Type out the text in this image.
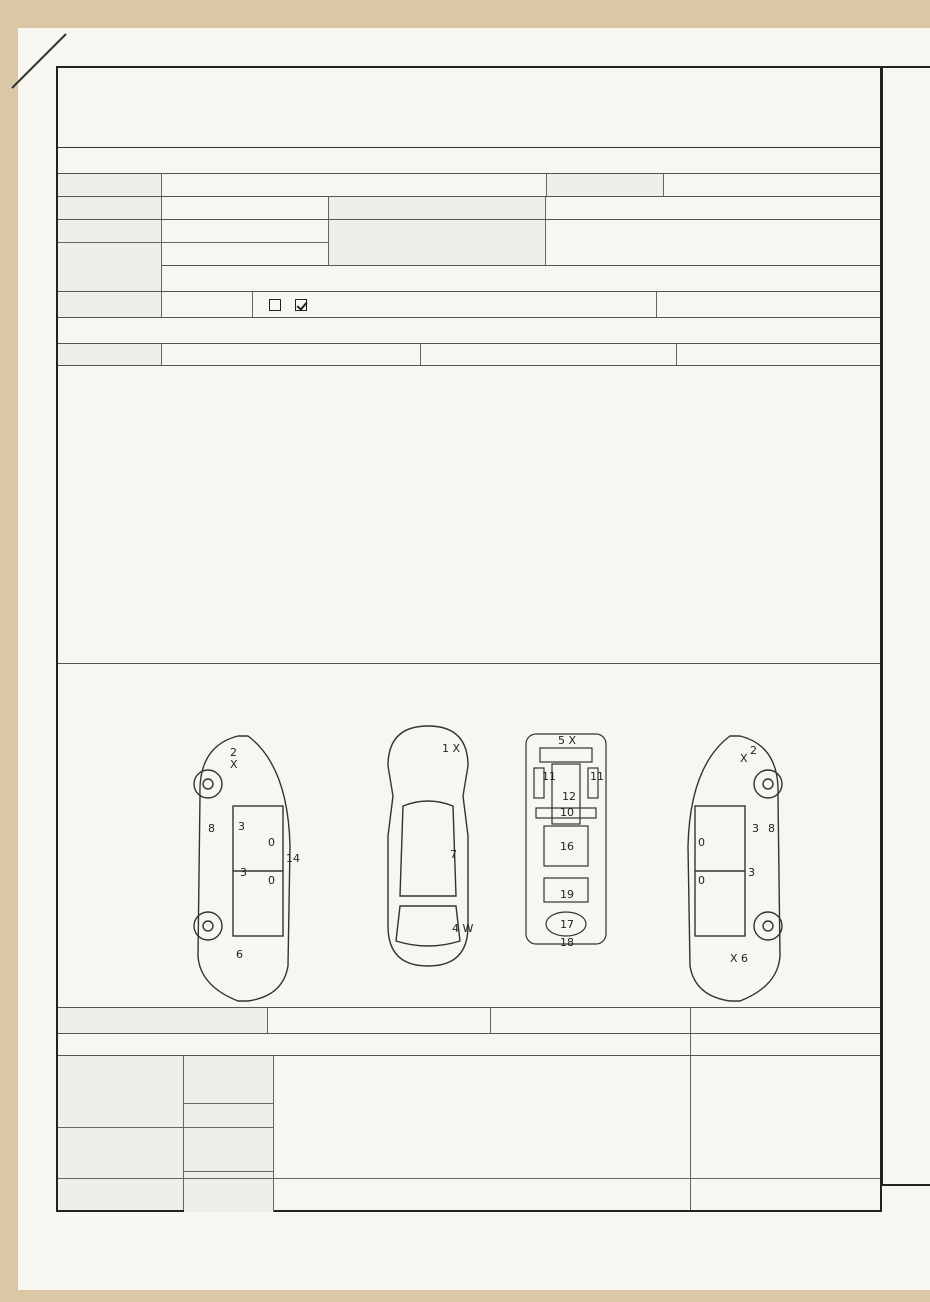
2
X
8 3
3
0
0
14
6
1 X
7
4 W
5 X
11	11
12
10
16
19
17
18
X
2
3 8
3
0
0
X 6
